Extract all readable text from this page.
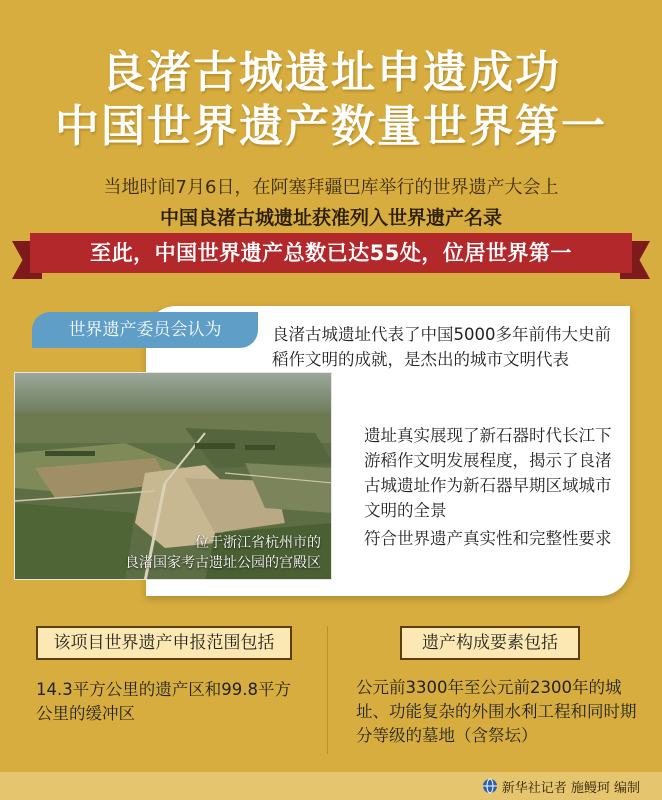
良渚古城遗址申遗成功
中国世界遗产数量世界第一
当地时间7月6日，在阿塞拜疆巴库举行的世界遗产大会上
中国良渚古城遗址获准列入世界遗产名录
至此，中国世界遗产总数已达55处，位居世界第一
世界遗产委员会认为
位于浙江省杭州市的
良渚国家考古遗址公园的宫殿区
良渚古城遗址代表了中国5000多年前伟大史前稻作文明的成就，是杰出的城市文明代表
遗址真实展现了新石器时代长江下游稻作文明发展程度，揭示了良渚古城遗址作为新石器早期区域城市文明的全景
符合世界遗产真实性和完整性要求
该项目世界遗产申报范围包括
14.3平方公里的遗产区和99.8平方公里的缓冲区
遗产构成要素包括
公元前3300年至公元前2300年的城址、功能复杂的外围水利工程和同时期分等级的墓地（含祭坛）
新华社记者 施鳗珂 编制
